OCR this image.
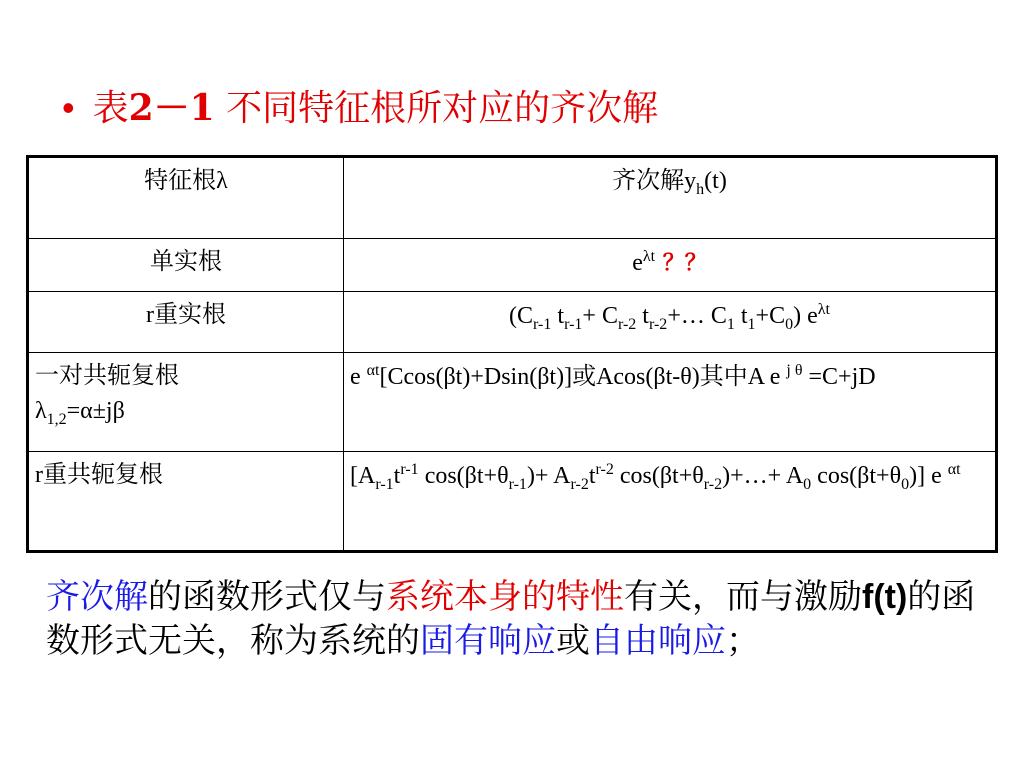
• 表2－1 不同特征根所对应的齐次解
特征根λ	齐次解$y_h(t)$
单实根	$e^{\lambda t}$ ？？
r重实根	($C_{r-1}$ $t_{r-1}+ C_{r-2}$ $t_{r-2}+\dots$ $C_1$ $t_1+C_0$) $e^{\lambda t}$
一对共轭复根
$\lambda_{1,2}=\alpha\pm j\beta$	e $^{\alpha t}$[Ccos(βt)+Dsin(βt)]或Acos(βt-θ)其中A e $^{j \theta}$ =C+jD
r重共轭复根	[$A_{r-1}t^{r-1}$ $\cos(\beta t+\theta_{r-1})+ A_{r-2}t^{r-2}$ $\cos(\beta t+\theta_{r-2})+\dots+ A_0$ $\cos(\beta t+\theta_0)$] e $^{\alpha t}$
齐次解的函数形式仅与系统本身的特性有关，而与激励f(t)的函数形式无关，称为系统的固有响应或自由响应；
